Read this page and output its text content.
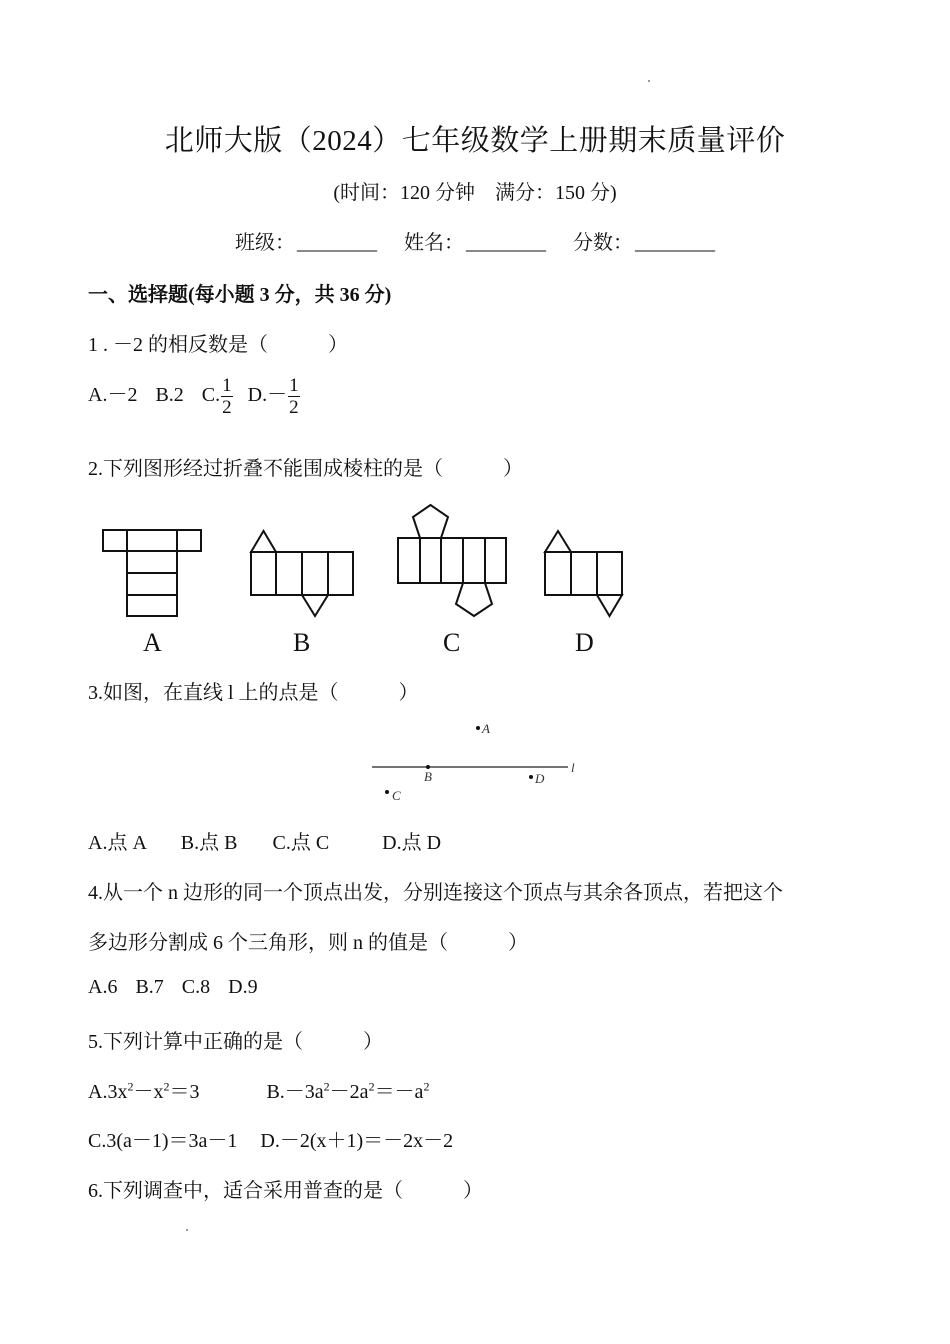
北师大版（2024）七年级数学上册期末质量评价
(时间：120 分钟　满分：150 分)
班级： ________ 姓名： ________ 分数： ________
一、选择题(每小题 3 分，共 36 分)
1 . －2 的相反数是（　　　）
A.－2 B.2 C. $\frac{1}{2} D.- \frac{1}{2}$
2.下列图形经过折叠不能围成棱柱的是（　　　）
A	B	C	D
3.如图，在直线 l 上的点是（　　　）
A
B
C
D
l
A.点 A B.点 B C.点 C	D.点 D
4.从一个 n 边形的同一个顶点出发，分别连接这个顶点与其余各顶点，若把这个
多边形分割成 6 个三角形，则 n 的值是（　　　）
A.6 B.7 C.8 D.9
5.下列计算中正确的是（　　　）
$A.3x^2-x^2=3$	$B.-3a^2-2a^2=-a^2$
C.3(a－1)＝3a－1 D.－2(x＋1)＝－2x－2
6.下列调查中，适合采用普查的是（　　　）
